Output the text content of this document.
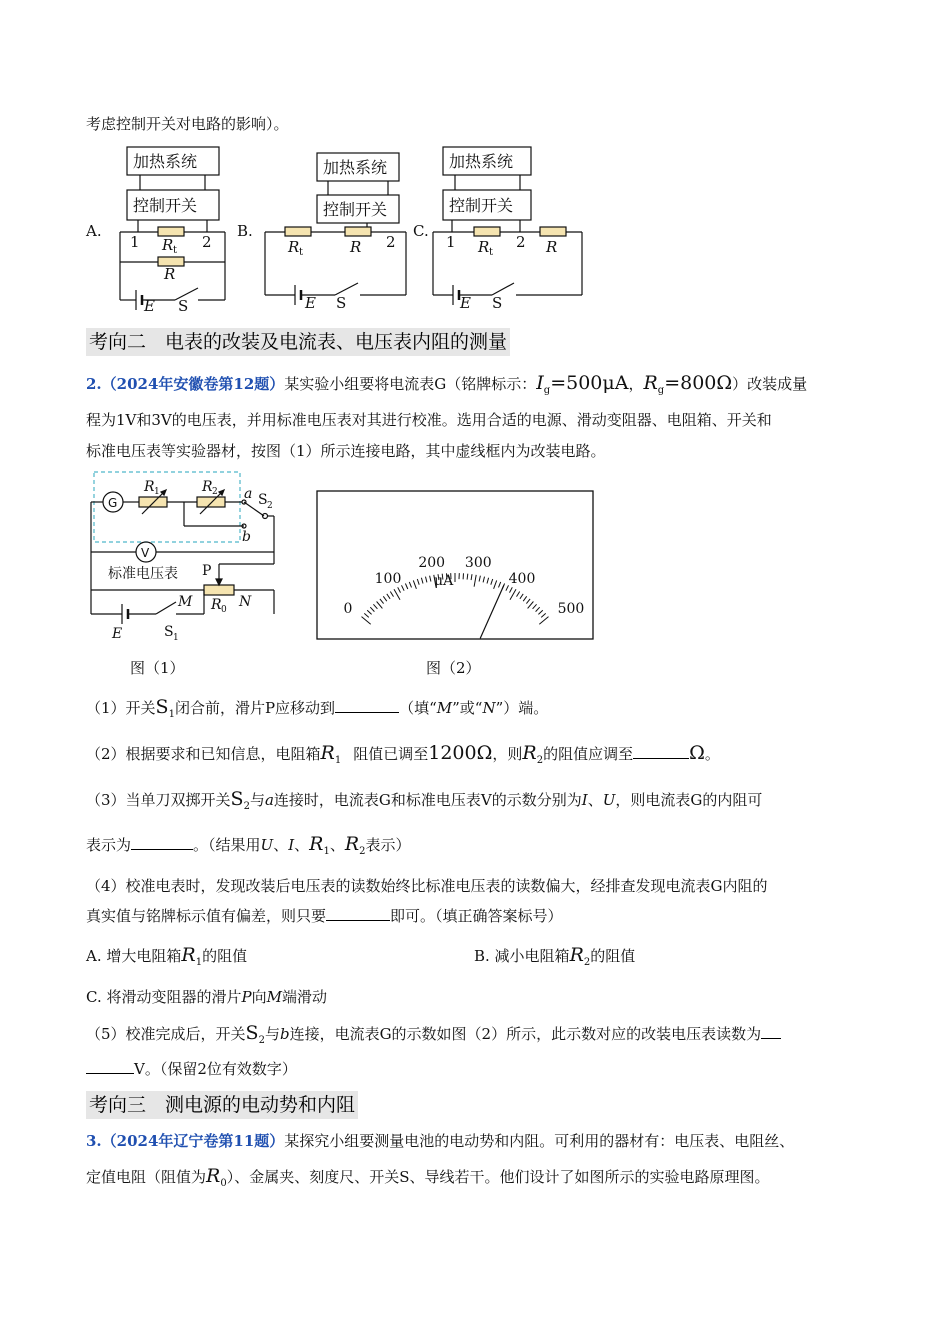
考虑控制开关对电路的影响）。
A.
加热系统
控制开关
1	2
R t
R
E S
B.
加热系统
控制开关
R t	R 2
E S
C.
加热系统
控制开关
1	2
R t	R
E S
考向二　电表的改装及电流表、电压表内阻的测量
2.（2024年安徽卷第12题）某实验小组要将电流表G（铭牌标示：$I_g=500\mu A$，$R_g=800\Omega$）改装成量
程为1V和3V的电压表，并用标准电压表对其进行校准。选用合适的电源、滑动变阻器、电阻箱、开关和
标准电压表等实验器材，按图（1）所示连接电路，其中虚线框内为改装电路。
G
V
R 1	R 2 a
b
S 2
标准电压表 P
R 0
M	N
E	S 1
0
100
200 300
400
500
μA
图（1）	图（2）
（1）开关$S_1$闭合前，滑片P应移动到	（填“M”或“N”）端。
（2）根据要求和已知信息，电阻箱$R_1$ 阻值已调至1200Ω，则$R_2$的阻值应调至	Ω。
（3）当单刀双掷开关$S_2$与a连接时，电流表G和标准电压表V的示数分别为I、U，则电流表G的内阻可
表示为	。（结果用U、I、$R_1$、$R_2$表示）
（4）校准电表时，发现改装后电压表的读数始终比标准电压表的读数偏大，经排查发现电流表G内阻的
真实值与铭牌标示值有偏差，则只要	即可。（填正确答案标号）
A. 增大电阻箱$R_1$的阻值	B. 减小电阻箱$R_2$的阻值
C. 将滑动变阻器的滑片P向M端滑动
（5）校准完成后，开关$S_2$与b连接，电流表G的示数如图（2）所示，此示数对应的改装电压表读数为
V。（保留2位有效数字）
考向三　测电源的电动势和内阻
3.（2024年辽宁卷第11题）某探究小组要测量电池的电动势和内阻。可利用的器材有：电压表、电阻丝、
定值电阻（阻值为$R_0$）、金属夹、刻度尺、开关S、导线若干。他们设计了如图所示的实验电路原理图。
